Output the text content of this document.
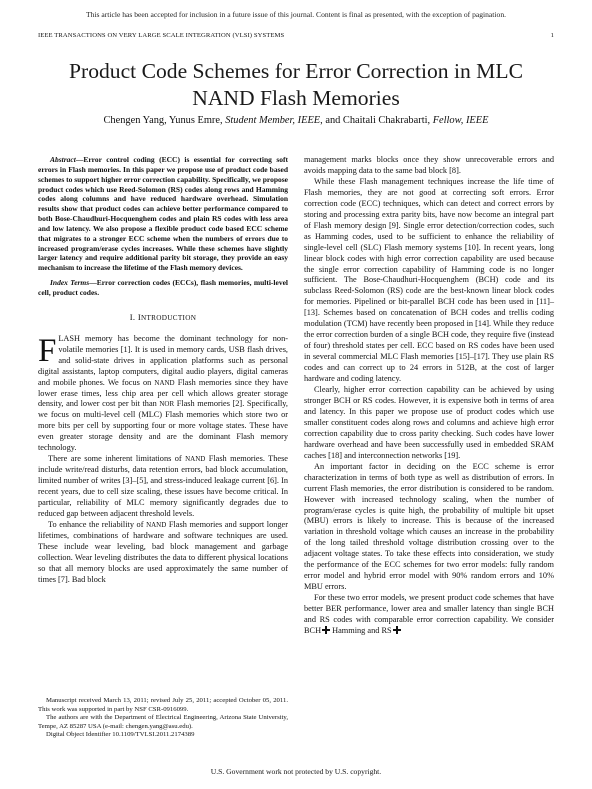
This article has been accepted for inclusion in a future issue of this journal. Content is final as presented, with the exception of pagination.
IEEE TRANSACTIONS ON VERY LARGE SCALE INTEGRATION (VLSI) SYSTEMS	1
Product Code Schemes for Error Correction in MLC
NAND Flash Memories
Chengen Yang, Yunus Emre, Student Member, IEEE, and Chaitali Chakrabarti, Fellow, IEEE

Abstract—Error control coding (ECC) is essential for correcting soft errors in Flash memories. In this paper we propose use of product code based schemes to support higher error correction capability. Specifically, we propose product codes which use Reed-Solomon (RS) codes along rows and Hamming codes along columns and have reduced hardware overhead. Simulation results show that product codes can achieve better performance compared to both Bose-Chaudhuri-Hocquenghem codes and plain RS codes with less area and low latency. We also propose a flexible product code based ECC scheme that migrates to a stronger ECC scheme when the numbers of errors due to increased program/erase cycles increases. While these schemes have slightly larger latency and require additional parity bit storage, they provide an easy mechanism to increase the lifetime of the Flash memory devices.

Index Terms—Error correction codes (ECCs), flash memories, multi-level cell, product codes.

I. INTRODUCTION

FLASH memory has become the dominant technology for non-volatile memories [1]. It is used in memory cards, USB flash drives, and solid-state drives in application platforms such as personal digital assistants, laptop computers, digital audio players, digital cameras and mobile phones. We focus on NAND Flash memories since they have lower erase times, less chip area per cell which allows greater storage density, and lower cost per bit than NOR Flash memories [2]. Specifically, we focus on multi-level cell (MLC) Flash memories which store two or more bits per cell by supporting four or more voltage states. These have even greater storage density and are the dominant Flash memory technology.

There are some inherent limitations of NAND Flash memories. These include write/read disturbs, data retention errors, bad block accumulation, limited number of writes [3]–[5], and stress-induced leakage current [6]. In recent years, due to cell size scaling, these issues have become critical. In particular, reliability of MLC memory significantly degrades due to reduced gap between adjacent threshold levels.

To enhance the reliability of NAND Flash memories and support longer lifetimes, combinations of hardware and software techniques are used. These include wear leveling, bad block management and garbage collection. Wear leveling distributes the data to different physical locations so that all memory blocks are used approximately the same number of times [7]. Bad block

Manuscript received March 13, 2011; revised July 25, 2011; accepted October 05, 2011. This work was supported in part by NSF CSR-0916099.

The authors are with the Department of Electrical Engineering, Arizona State University, Tempe, AZ 85287 USA (e-mail: chengen.yang@asu.edu).

Digital Object Identifier 10.1109/TVLSI.2011.2174389

management marks blocks once they show unrecoverable errors and avoids mapping data to the same bad block [8].

While these Flash management techniques increase the life time of Flash memories, they are not good at correcting soft errors. Error correction code (ECC) techniques, which can detect and correct errors by storing and processing extra parity bits, have now become an integral part of Flash memory design [9]. Single error detection/correction codes, such as Hamming codes, used to be sufficient to enhance the reliability of single-level cell (SLC) Flash memory systems [10]. In recent years, long linear block codes with high error correction capability are used because the single error correction capability of Hamming code is no longer sufficient. The Bose-Chaudhuri-Hocquenghem (BCH) code and its subclass Reed-Solomon (RS) code are the best-known linear block codes for memories. Pipelined or bit-parallel BCH code has been used in [11]–[13]. Schemes based on concatenation of BCH codes and trellis coding modulation (TCM) have recently been proposed in [14]. While they reduce the error correction burden of a single BCH code, they require five (instead of four) threshold states per cell. ECC based on RS codes have been used in several commercial MLC Flash memories [15]–[17]. They use plain RS codes and can correct up to 24 errors in 512B, at the cost of larger hardware and coding latency.

Clearly, higher error correction capability can be achieved by using stronger BCH or RS codes. However, it is expensive both in terms of area and latency. In this paper we propose use of product codes which use smaller constituent codes along rows and columns and achieve high error correction capability due to cross parity checking. Such codes have lower hardware overhead and have been successfully used in embedded SRAM caches [18] and interconnection networks [19].

An important factor in deciding on the ECC scheme is error characterization in terms of both type as well as distribution of errors. In current Flash memories, the error distribution is considered to be random. However with increased technology scaling, when the number of program/erase cycles is quite high, the probability of multiple bit upset (MBU) errors is likely to increase. This is because of the increased variation in threshold voltage which causes an increase in the probability of the long tailed threshold voltage distribution crossing over to the adjacent voltage states. To take these effects into consideration, we study the performance of the ECC schemes for two error models: fully random error model and hybrid error model with 90% random errors and 10% MBU errors.

For these two error models, we present product code schemes that have better BER performance, lower area and smaller latency than single BCH and RS codes with comparable error correction capability. We consider BCH Hamming and RS

U.S. Government work not protected by U.S. copyright.
